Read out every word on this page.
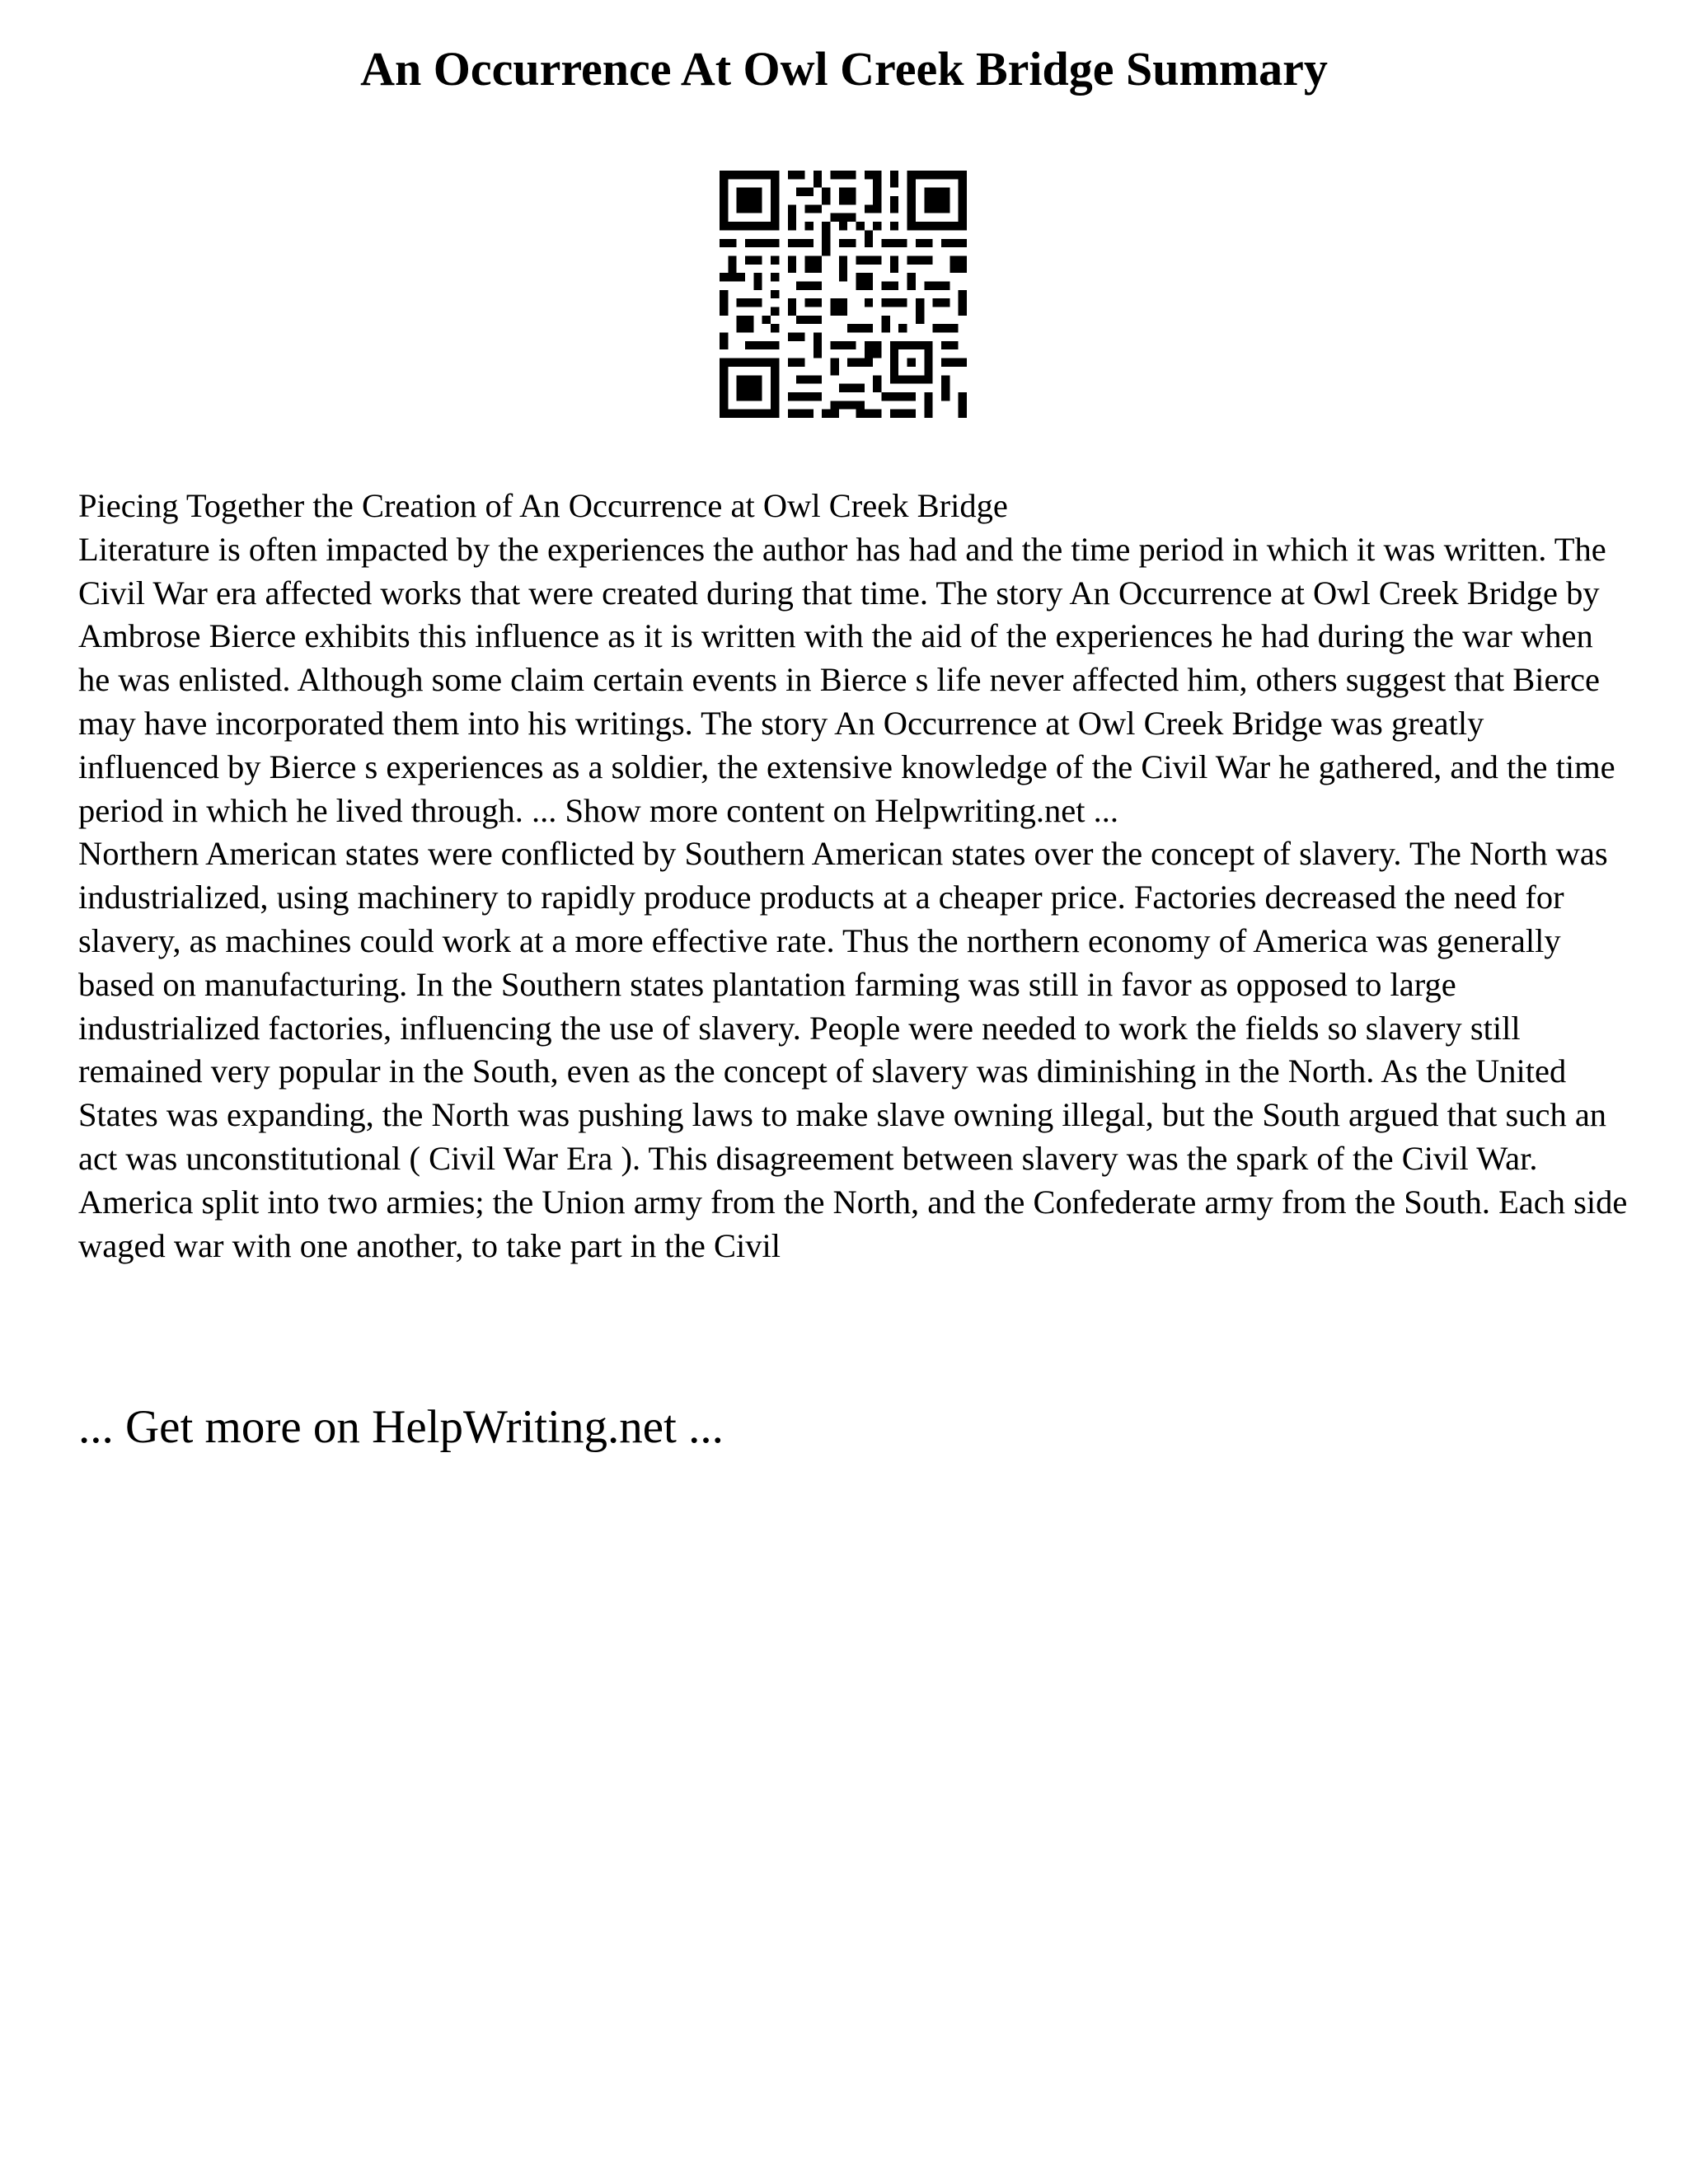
An Occurrence At Owl Creek Bridge Summary

Piecing Together the Creation of An Occurrence at Owl Creek Bridge

Literature is often impacted by the experiences the author has had and the time period in which it was written. The Civil War era affected works that were created during that time. The story An Occurrence at Owl Creek Bridge by Ambrose Bierce exhibits this influence as it is written with the aid of the experiences he had during the war when he was enlisted. Although some claim certain events in Bierce s life never affected him, others suggest that Bierce may have incorporated them into his writings. The story An Occurrence at Owl Creek Bridge was greatly influenced by Bierce s experiences as a soldier, the extensive knowledge of the Civil War he gathered, and the time period in which he lived through. ... Show more content on Helpwriting.net ...

Northern American states were conflicted by Southern American states over the concept of slavery. The North was industrialized, using machinery to rapidly produce products at a cheaper price. Factories decreased the need for slavery, as machines could work at a more effective rate. Thus the northern economy of America was generally based on manufacturing. In the Southern states plantation farming was still in favor as opposed to large industrialized factories, influencing the use of slavery. People were needed to work the fields so slavery still remained very popular in the South, even as the concept of slavery was diminishing in the North. As the United States was expanding, the North was pushing laws to make slave owning illegal, but the South argued that such an act was unconstitutional ( Civil War Era ). This disagreement between slavery was the spark of the Civil War. America split into two armies; the Union army from the North, and the Confederate army from the South. Each side waged war with one another, to take part in the Civil

... Get more on HelpWriting.net ...
